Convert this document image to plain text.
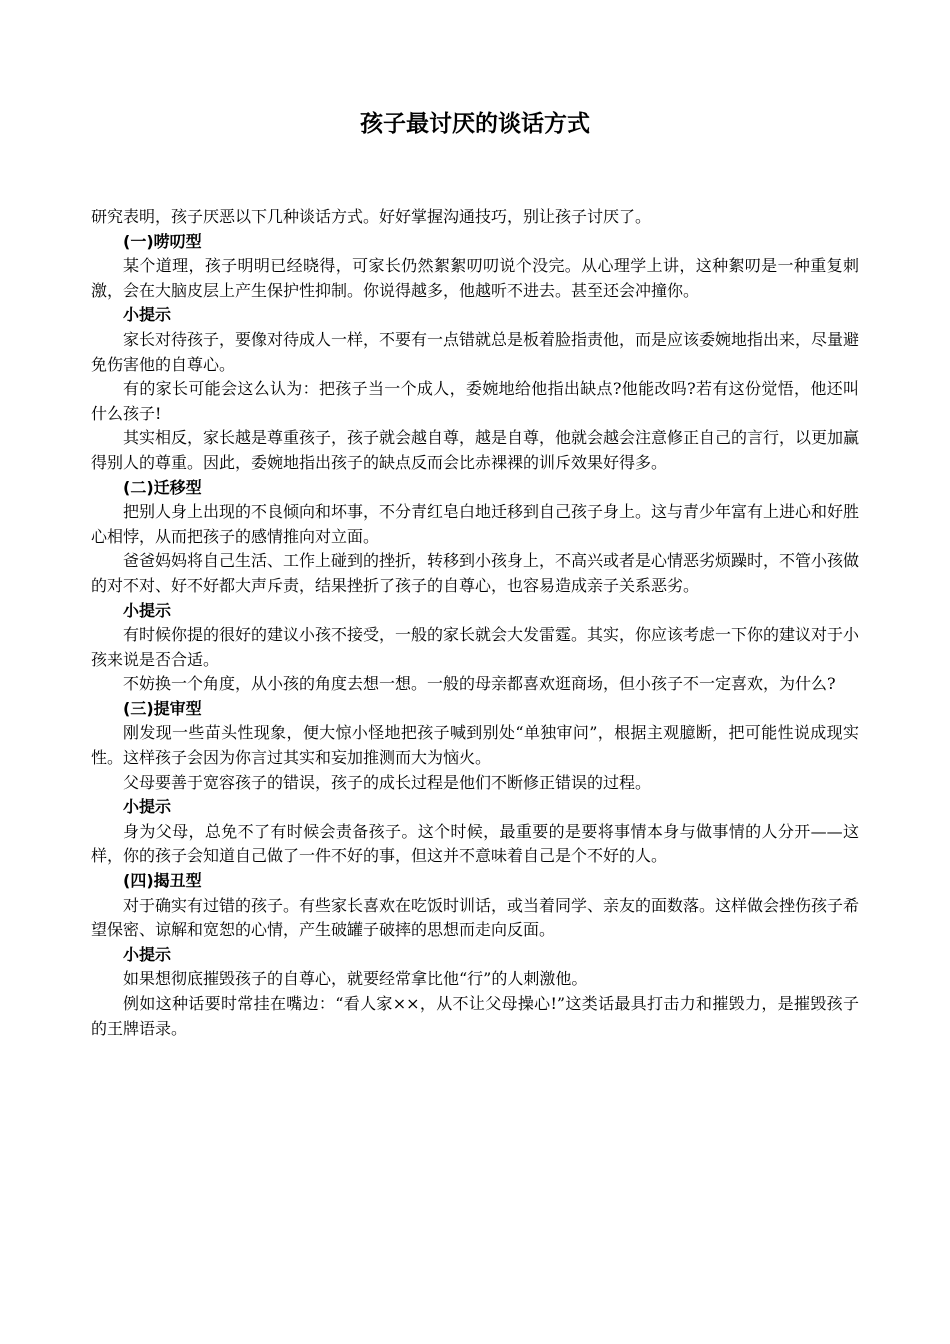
孩子最讨厌的谈话方式

研究表明，孩子厌恶以下几种谈话方式。好好掌握沟通技巧，别让孩子讨厌了。

(一)唠叨型

某个道理，孩子明明已经晓得，可家长仍然絮絮叨叨说个没完。从心理学上讲，这种絮叨是一种重复刺激，会在大脑皮层上产生保护性抑制。你说得越多，他越听不进去。甚至还会冲撞你。

小提示

家长对待孩子，要像对待成人一样，不要有一点错就总是板着脸指责他，而是应该委婉地指出来，尽量避免伤害他的自尊心。

有的家长可能会这么认为：把孩子当一个成人，委婉地给他指出缺点?他能改吗?若有这份觉悟，他还叫什么孩子!

其实相反，家长越是尊重孩子，孩子就会越自尊，越是自尊，他就会越会注意修正自己的言行，以更加赢得别人的尊重。因此，委婉地指出孩子的缺点反而会比赤裸裸的训斥效果好得多。

(二)迁移型

把别人身上出现的不良倾向和坏事，不分青红皂白地迁移到自己孩子身上。这与青少年富有上进心和好胜心相悖，从而把孩子的感情推向对立面。

爸爸妈妈将自己生活、工作上碰到的挫折，转移到小孩身上，不高兴或者是心情恶劣烦躁时，不管小孩做的对不对、好不好都大声斥责，结果挫折了孩子的自尊心，也容易造成亲子关系恶劣。

小提示

有时候你提的很好的建议小孩不接受，一般的家长就会大发雷霆。其实，你应该考虑一下你的建议对于小孩来说是否合适。

不妨换一个角度，从小孩的角度去想一想。一般的母亲都喜欢逛商场，但小孩子不一定喜欢，为什么?

(三)提审型

刚发现一些苗头性现象，便大惊小怪地把孩子喊到别处“单独审问”，根据主观臆断，把可能性说成现实性。这样孩子会因为你言过其实和妄加推测而大为恼火。

父母要善于宽容孩子的错误，孩子的成长过程是他们不断修正错误的过程。

小提示

身为父母，总免不了有时候会责备孩子。这个时候，最重要的是要将事情本身与做事情的人分开——这样，你的孩子会知道自己做了一件不好的事，但这并不意味着自己是个不好的人。

(四)揭丑型

对于确实有过错的孩子。有些家长喜欢在吃饭时训话，或当着同学、亲友的面数落。这样做会挫伤孩子希望保密、谅解和宽恕的心情，产生破罐子破摔的思想而走向反面。

小提示

如果想彻底摧毁孩子的自尊心，就要经常拿比他“行”的人刺激他。

例如这种话要时常挂在嘴边：“看人家××，从不让父母操心!”这类话最具打击力和摧毁力，是摧毁孩子的王牌语录。
